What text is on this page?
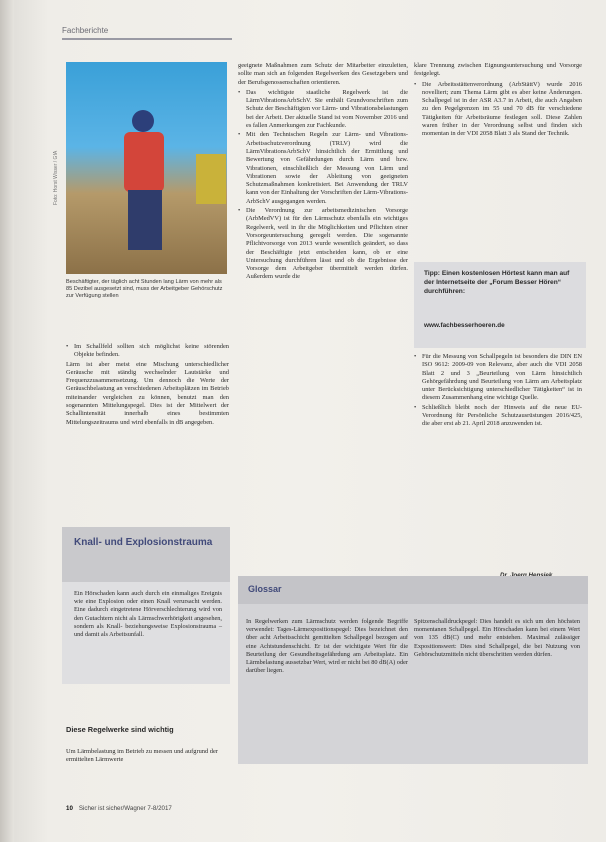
Fachberichte
Foto: Horst Wisser / GfA
Beschäftigter, der täglich acht Stunden lang Lärm von mehr als 85 Dezibel ausgesetzt sind, muss der Arbeitgeber Gehörschutz zur Verfügung stellen
• Im Schallfeld sollten sich möglichst keine störenden Objekte befinden.

Lärm ist aber meist eine Mischung unterschiedlicher Geräusche mit ständig wechselnder Lautstärke und Frequenzzusammensetzung. Um dennoch die Werte der Geräuschbelastung an verschiedenen Arbeitsplätzen im Betrieb miteinander vergleichen zu können, benutzt man den sogenannten Mittelungspegel. Dies ist der Mittelwert der Schallintensität innerhalb eines bestimmten Mittelungszeitraums und wird ebenfalls in dB angegeben.

Knall- und Explosionstrauma
Ein Hörschaden kann auch durch ein einmaliges Ereignis wie eine Explosion oder einen Knall verursacht werden. Eine dadurch eingetretene Hörverschlechterung wird von den Gutachtern nicht als Lärmschwerhörigkeit angesehen, sondern als Knall- beziehungsweise Explosionstrauma – und damit als Arbeitsunfall.
Diese Regelwerke sind wichtig
Um Lärmbelastung im Betrieb zu messen und aufgrund der ermittelten Lärmwerte

geeignete Maßnahmen zum Schutz der Mitarbeiter einzuleiten, sollte man sich an folgenden Regelwerken des Gesetzgebers und der Berufsgenossenschaften orientieren.

• Das wichtigste staatliche Regelwerk ist die LärmVibrationsArbSchV. Sie enthält Grundvorschriften zum Schutz der Beschäftigten vor Lärm- und Vibrationsbelastungen bei der Arbeit. Der aktuelle Stand ist vom November 2016 und es fallen Anmerkungen zur Fachkunde.
• Mit den Technischen Regeln zur Lärm- und Vibrations-Arbeitsschutzverordnung (TRLV) wird die LärmVibrationsArbSchV hinsichtlich der Ermittlung und Bewertung von Gefährdungen durch Lärm und bzw. Vibrationen, einschließlich der Messung von Lärm und Vibrationen sowie der Ableitung von geeigneten Schutzmaßnahmen konkretisiert. Bei Anwendung der TRLV kann von der Einhaltung der Vorschriften der Lärm-Vibrations-ArbSchV ausgegangen werden.
• Die Verordnung zur arbeitsmedizinischen Vorsorge (ArbMedVV) ist für den Lärmschutz ebenfalls ein wichtiges Regelwerk, weil in ihr die Möglichkeiten und Pflichten einer Vorsorgeuntersuchung geregelt werden. Die sogenannte Pflichtvorsorge von 2013 wurde wesentlich geändert, so dass der Beschäftigte jetzt entscheiden kann, ob er eine Untersuchung durchführen lässt und ob die Ergebnisse der Vorsorge dem Arbeitgeber übermittelt werden dürfen. Außerdem wurde die

klare Trennung zwischen Eignungsuntersuchung und Vorsorge festgelegt.

• Die Arbeitsstättenverordnung (ArbStättV) wurde 2016 novelliert; zum Thema Lärm gibt es aber keine Änderungen. Schallpegel ist in der ASR A3.7 in Arbeit, die auch Angaben zu den Pegelgrenzen im 55 und 70 dB für verschiedene Tätigkeiten für Arbeitsräume festlegen soll. Diese Zahlen waren früher in der Verordnung selbst und finden sich momentan in der VDI 2058 Blatt 3 als Stand der Technik.
Tipp: Einen kostenlosen Hörtest kann man auf der Internetseite der „Forum Besser Hören“ durchführen:
www.fachbesserhoeren.de
• Für die Messung von Schallpegeln ist besonders die DIN EN ISO 9612: 2009-09 von Relevanz, aber auch die VDI 2058 Blatt 2 und 3 „Beurteilung von Lärm hinsichtlich Gehörgefährdung und Beurteilung von Lärm am Arbeitsplatz unter Berücksichtigung unterschiedlicher Tätigkeiten“ ist in diesem Zusammenhang eine wichtige Quelle.
• Schließlich bleibt noch der Hinweis auf die neue EU-Verordnung für Persönliche Schutzausrüstungen 2016/425, die aber erst ab 21. April 2018 anzuwenden ist.
Glossar
In Regelwerken zum Lärmschutz werden folgende Begriffe verwendet: Tages-Lärmexpositionspegel: Dies bezeichnet den über acht Arbeitsschicht gemittelten Schallpegel bezogen auf eine Achtstundenschicht. Er ist der wichtigste Wert für die Beurteilung der Gesundheitsgefährdung am Arbeitsplatz. Ein Lärmbelastung aussetzbar Wert, wird er nicht bei 80 dB(A) oder darüber liegen.
Spitzenschalldruckpegel: Dies handelt es sich um den höchsten momentanen Schallpegel. Ein Hörschaden kann bei einem Wert von 135 dB(C) und mehr entstehen. Maximal zulässiger Expositionswert: Dies sind Schallpegel, die bei Nutzung von Gehörschutzmitteln nicht überschritten werden dürfen.
10 Sicher ist sicher/Wagner 7-8/2017
